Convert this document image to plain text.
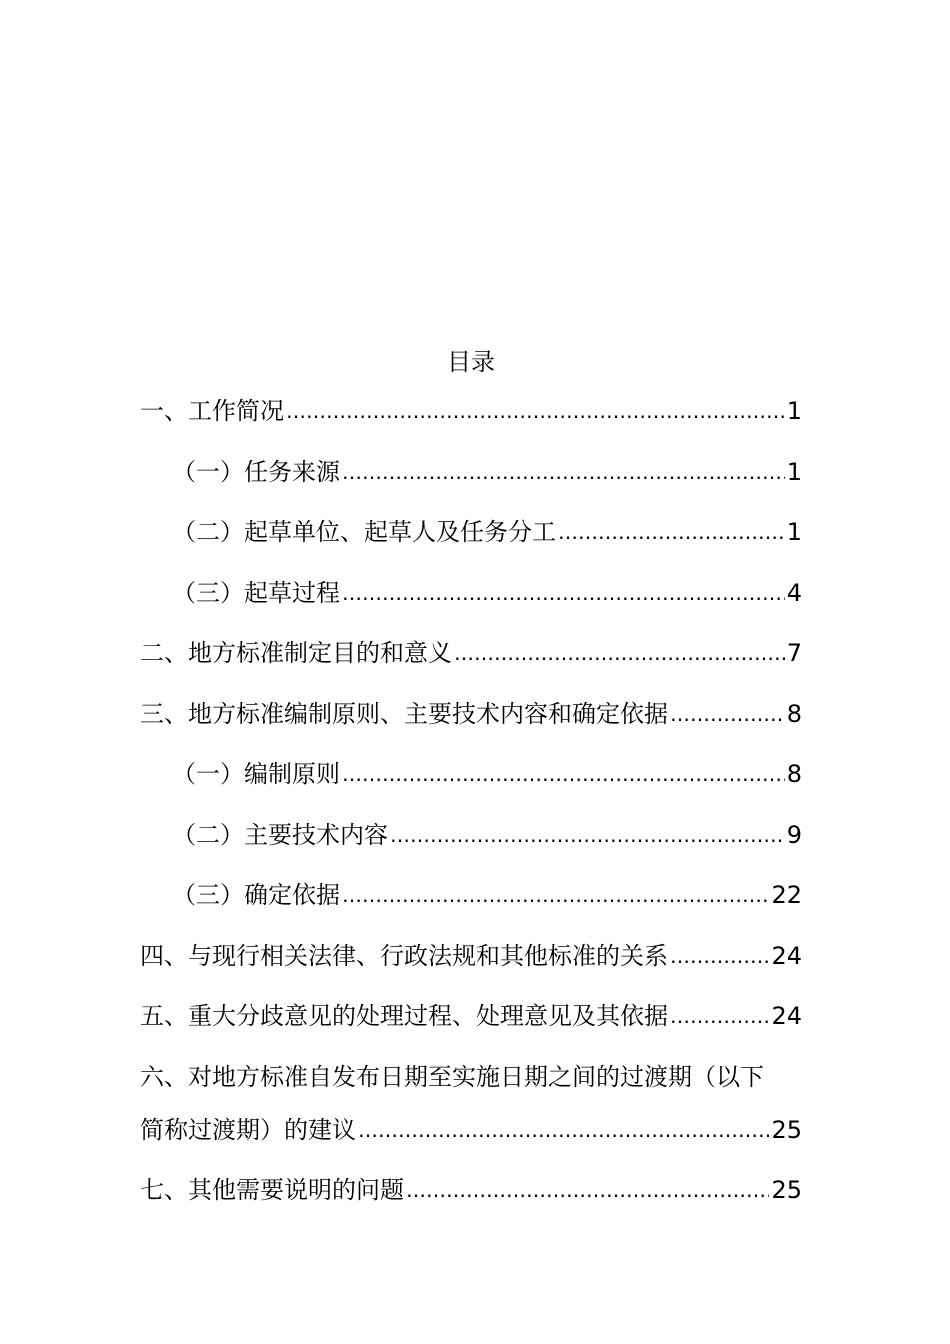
目录
一、工作简况 ……………………………………………………………………………………………………………………………………………………………………………………………………………………………………	1
（一）任务来源 ……………………………………………………………………………………………………………………………………………………………………………………………………………………………………	1
（二）起草单位、起草人及任务分工 ……………………………………………………………………………………………………………………………………………………………………………………………………………………………………	1
（三）起草过程 ……………………………………………………………………………………………………………………………………………………………………………………………………………………………………	4
二、地方标准制定目的和意义 ……………………………………………………………………………………………………………………………………………………………………………………………………………………………………	7
三、地方标准编制原则、主要技术内容和确定依据 ……………………………………………………………………………………………………………………………………………………………………………………………………………………………………	8
（一）编制原则 ……………………………………………………………………………………………………………………………………………………………………………………………………………………………………	8
（二）主要技术内容 ……………………………………………………………………………………………………………………………………………………………………………………………………………………………………	9
（三）确定依据 ……………………………………………………………………………………………………………………………………………………………………………………………………………………………………	22
四、与现行相关法律、行政法规和其他标准的关系 ……………………………………………………………………………………………………………………………………………………………………………………………………………………………………	24
五、重大分歧意见的处理过程、处理意见及其依据 ……………………………………………………………………………………………………………………………………………………………………………………………………………………………………	24
六、对地方标准自发布日期至实施日期之间的过渡期（以下
简称过渡期）的建议 ……………………………………………………………………………………………………………………………………………………………………………………………………………………………………	25
七、其他需要说明的问题 ……………………………………………………………………………………………………………………………………………………………………………………………………………………………………	25
